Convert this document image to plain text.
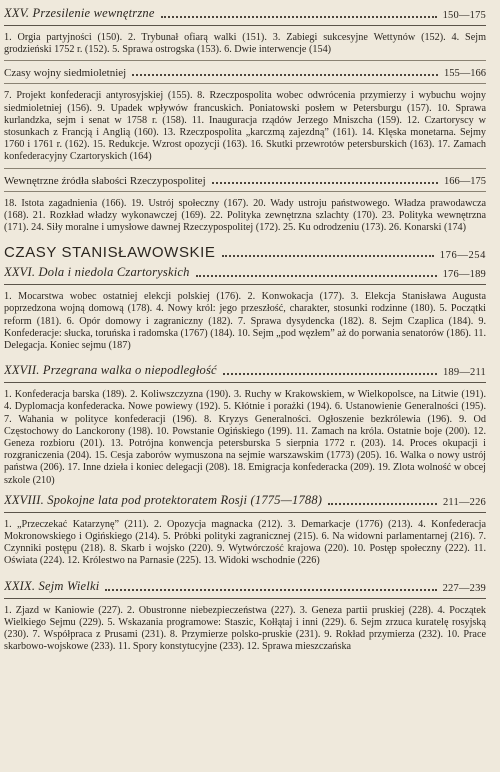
XXV. Przesilenie wewnętrzne	150—175
1. Orgia partyjności (150). 2. Trybunał ofiarą walki (151). 3. Zabiegi sukcesyjne Wettynów (152). 4. Sejm grodzieński 1752 r. (152). 5. Sprawa ostrogska (153). 6. Dwie interwencje (154)
Czasy wojny siedmioletniej	155—166
7. Projekt konfederacji antyrosyjskiej (155). 8. Rzeczpospolita wobec odwrócenia przymierzy i wybuchu wojny siedmioletniej (156). 9. Upadek wpływów francuskich. Poniatowski posłem w Petersburgu (157). 10. Sprawa kurlandzka, sejm i senat w 1758 r. (158). 11. Inauguracja rządów Jerzego Mniszcha (159). 12. Czartoryscy w stosunkach z Francją i Anglią (160). 13. Rzeczpospolita „karczmą zajezdną” (161). 14. Klęska monetarna. Sejmy 1760 i 1761 r. (162). 15. Redukcje. Wzrost opozycji (163). 16. Skutki przewrotów petersburskich (163). 17. Zamach konfederacyjny Czartoryskich (164)
Wewnętrzne źródła słabości Rzeczypospolitej	166—175
18. Istota zagadnienia (166). 19. Ustrój społeczny (167). 20. Wady ustroju państwowego. Władza prawodawcza (168). 21. Rozkład władzy wykonawczej (169). 22. Polityka zewnętrzna szlachty (170). 23. Polityka wewnętrzna (171). 24. Siły moralne i umysłowe dawnej Rzeczypospolitej (172). 25. Ku odrodzeniu (173). 26. Konarski (174)
CZASY STANISŁAWOWSKIE	176—254
XXVI. Dola i niedola Czartoryskich	176—189
1. Mocarstwa wobec ostatniej elekcji polskiej (176). 2. Konwokacja (177). 3. Elekcja Stanisława Augusta poprzedzona wojną domową (178). 4. Nowy król: jego przeszłość, charakter, stosunki rodzinne (180). 5. Początki reform (181). 6. Opór domowy i zagraniczny (182). 7. Sprawa dysydencka (182). 8. Sejm Czaplica (184). 9. Konfederacje: słucka, toruńska i radomska (1767) (184). 10. Sejm „pod węzłem” aż do porwania senatorów (186). 11. Delegacja. Koniec sejmu (187)
XXVII. Przegrana walka o niepodległość	189—211
1. Konfederacja barska (189). 2. Koliwszczyzna (190). 3. Ruchy w Krakowskiem, w Wielkopolsce, na Litwie (191). 4. Dyplomacja konfederacka. Nowe powiewy (192). 5. Kłótnie i porażki (194). 6. Ustanowienie Generalności (195). 7. Wahania w polityce konfederacji (196). 8. Kryzys Generalności. Ogłoszenie bezkrólewia (196). 9. Od Częstochowy do Lanckorony (198). 10. Powstanie Ogińskiego (199). 11. Zamach na króla. Ostatnie boje (200). 12. Geneza rozbioru (201). 13. Potrójna konwencja petersburska 5 sierpnia 1772 r. (203). 14. Proces okupacji i rozgraniczenia (204). 15. Cesja zaborów wymuszona na sejmie warszawskim (1773) (205). 16. Walka o nowy ustrój państwa (206). 17. Inne dzieła i koniec delegacji (208). 18. Emigracja konfederacka (209). 19. Zlota wolność w obcej szkole (210)
XXVIII. Spokojne lata pod protektoratem Rosji (1775—1788)	211—226
1. „Przeczekać Katarzynę” (211). 2. Opozycja magnacka (212). 3. Demarkacje (1776) (213). 4. Konfederacja Mokronowskiego i Ogińskiego (214). 5. Próbki polityki zagranicznej (215). 6. Na widowni parlamentarnej (216). 7. Czynniki postępu (218). 8. Skarb i wojsko (220). 9. Wytwórczość krajowa (220). 10. Postęp społeczny (222). 11. Oświata (224). 12. Królestwo na Parnasie (225). 13. Widoki wschodnie (226)
XXIX. Sejm Wielki	227—239
1. Zjazd w Kaniowie (227). 2. Obustronne niebezpieczeństwa (227). 3. Geneza partii pruskiej (228). 4. Początek Wielkiego Sejmu (229). 5. Wskazania programowe: Staszic, Kołłątaj i inni (229). 6. Sejm zrzuca kuratelę rosyjską (230). 7. Współpraca z Prusami (231). 8. Przymierze polsko-pruskie (231). 9. Rokład przymierza (232). 10. Prace skarbowo-wojskowe (233). 11. Spory konstytucyjne (233). 12. Sprawa mieszczańska
